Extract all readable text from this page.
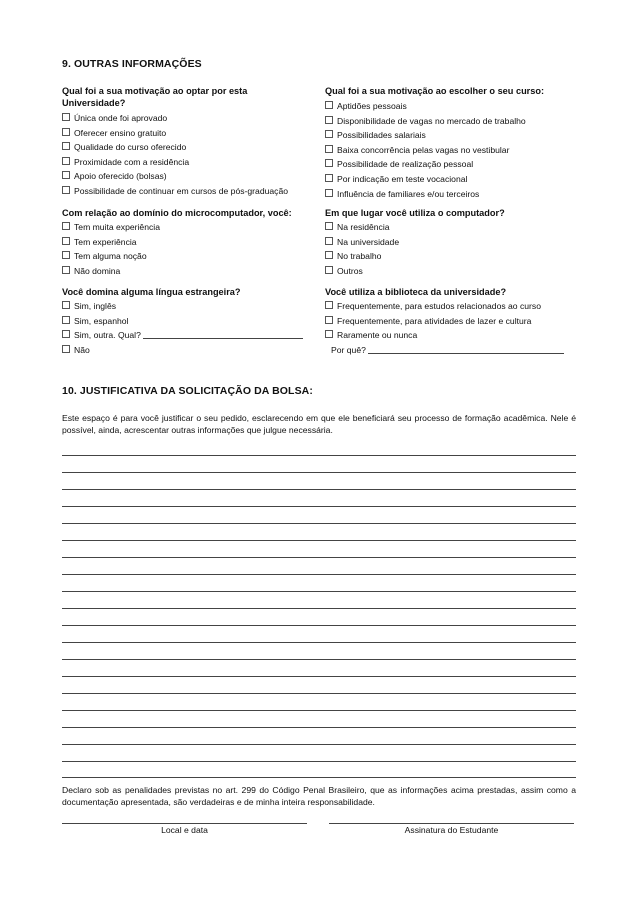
9. OUTRAS INFORMAÇÕES
Qual foi a sua motivação ao optar por esta
Universidade?
Única onde foi aprovado
Oferecer ensino gratuito
Qualidade do curso oferecido
Proximidade com a residência
Apoio oferecido (bolsas)
Possibilidade de continuar em cursos de pós-graduação
Qual foi a sua motivação ao escolher o seu curso:
Aptidões pessoais
Disponibilidade de vagas no mercado de trabalho
Possibilidades salariais
Baixa concorrência pelas vagas no vestibular
Possibilidade de realização pessoal
Por indicação em teste vocacional
Influência de familiares e/ou terceiros
Com relação ao domínio do microcomputador, você:
Tem muita experiência
Tem experiência
Tem alguma noção
Não domina
Em que lugar você utiliza o computador?
Na residência
Na universidade
No trabalho
Outros
Você domina alguma língua estrangeira?
Sim, inglês
Sim, espanhol
Sim, outra. Qual?
Não
Você utiliza a biblioteca da universidade?
Frequentemente, para estudos relacionados ao curso
Frequentemente, para atividades de lazer e cultura
Raramente ou nunca
Por quê?
10. JUSTIFICATIVA DA SOLICITAÇÃO DA BOLSA:
Este espaço é para você justificar o seu pedido, esclarecendo em que ele beneficiará seu processo de formação acadêmica. Nele é possível, ainda, acrescentar outras informações que julgue necessária.
Declaro sob as penalidades previstas no art. 299 do Código Penal Brasileiro, que as informações acima prestadas, assim como a documentação apresentada, são verdadeiras e de minha inteira responsabilidade.
Local e data	Assinatura do Estudante
